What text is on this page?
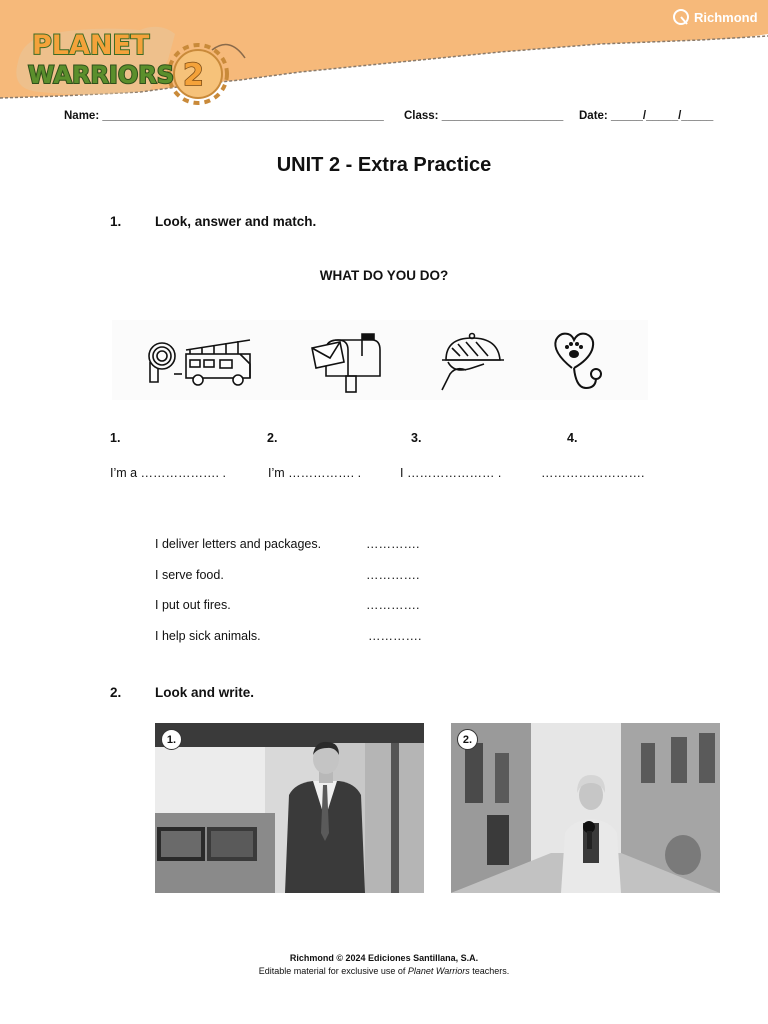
PLANET
WARRIORS 2
Richmond
Name: ____________________________________________ Class: ___________________ Date: _____/_____/_____
UNIT 2 - Extra Practice
1. Look, answer and match.
WHAT DO YOU DO?
1.	2.	3.	4.
I’m a ………………. .	I’m ……………. .	I ………………… .	…………………….
I deliver letters and packages.	………….
I serve food.	………….
I put out fires.	………….
I help sick animals.	………….
2. Look and write.
1.	2.
Richmond © 2024 Ediciones Santillana, S.A.
Editable material for exclusive use of Planet Warriors teachers.
